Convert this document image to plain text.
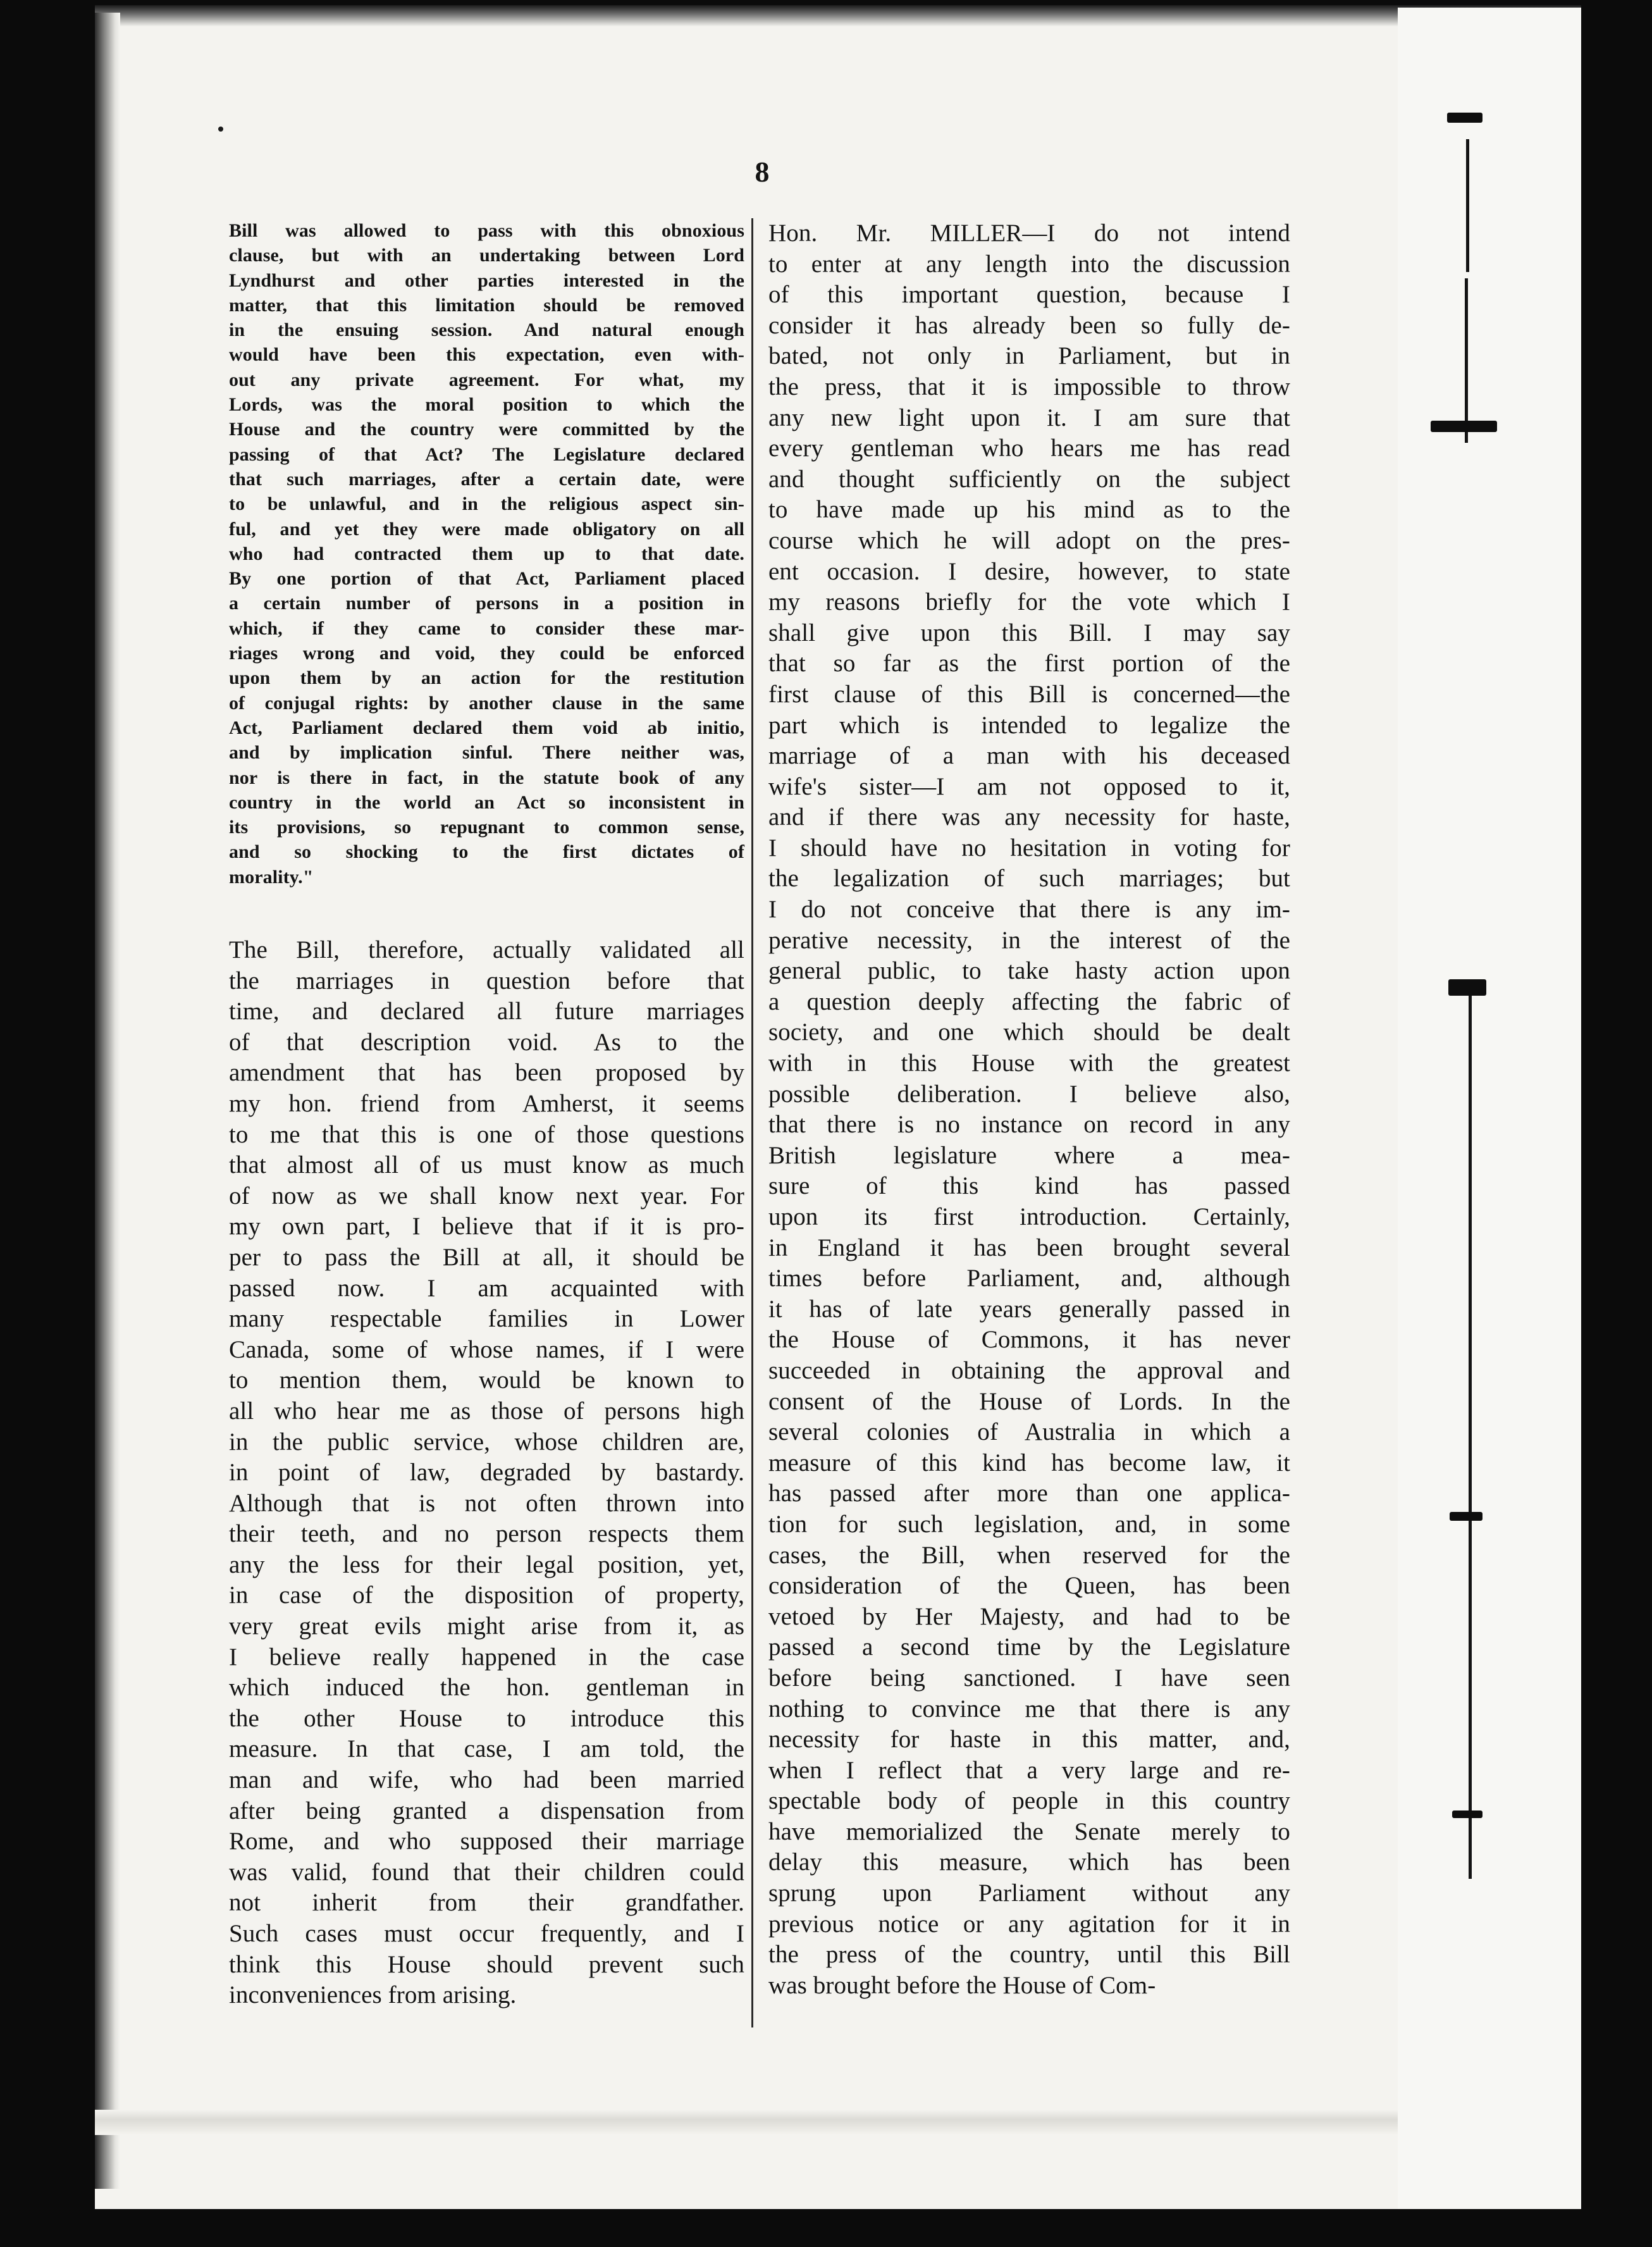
8
Bill was allowed to pass with this obnoxious
clause, but with an undertaking between Lord
Lyndhurst and other parties interested in the
matter, that this limitation should be removed
in the ensuing session. And natural enough
would have been this expectation, even with-
out any private agreement. For what, my
Lords, was the moral position to which the
House and the country were committed by the
passing of that Act? The Legislature declared
that such marriages, after a certain date, were
to be unlawful, and in the religious aspect sin-
ful, and yet they were made obligatory on all
who had contracted them up to that date.
By one portion of that Act, Parliament placed
a certain number of persons in a position in
which, if they came to consider these mar-
riages wrong and void, they could be enforced
upon them by an action for the restitution
of conjugal rights: by another clause in the same
Act, Parliament declared them void ab initio,
and by implication sinful. There neither was,
nor is there in fact, in the statute book of any
country in the world an Act so inconsistent in
its provisions, so repugnant to common sense,
and so shocking to the first dictates of
morality."
The Bill, therefore, actually validated all
the marriages in question before that
time, and declared all future marriages
of that description void. As to the
amendment that has been proposed by
my hon. friend from Amherst, it seems
to me that this is one of those questions
that almost all of us must know as much
of now as we shall know next year. For
my own part, I believe that if it is pro-
per to pass the Bill at all, it should be
passed now. I am acquainted with
many respectable families in Lower
Canada, some of whose names, if I were
to mention them, would be known to
all who hear me as those of persons high
in the public service, whose children are,
in point of law, degraded by bastardy.
Although that is not often thrown into
their teeth, and no person respects them
any the less for their legal position, yet,
in case of the disposition of property,
very great evils might arise from it, as
I believe really happened in the case
which induced the hon. gentleman in
the other House to introduce this
measure. In that case, I am told, the
man and wife, who had been married
after being granted a dispensation from
Rome, and who supposed their marriage
was valid, found that their children could
not inherit from their grandfather.
Such cases must occur frequently, and I
think this House should prevent such
inconveniences from arising.
Hon. Mr. MILLER—I do not intend
to enter at any length into the discussion
of this important question, because I
consider it has already been so fully de-
bated, not only in Parliament, but in
the press, that it is impossible to throw
any new light upon it. I am sure that
every gentleman who hears me has read
and thought sufficiently on the subject
to have made up his mind as to the
course which he will adopt on the pres-
ent occasion. I desire, however, to state
my reasons briefly for the vote which I
shall give upon this Bill. I may say
that so far as the first portion of the
first clause of this Bill is concerned—the
part which is intended to legalize the
marriage of a man with his deceased
wife's sister—I am not opposed to it,
and if there was any necessity for haste,
I should have no hesitation in voting for
the legalization of such marriages; but
I do not conceive that there is any im-
perative necessity, in the interest of the
general public, to take hasty action upon
a question deeply affecting the fabric of
society, and one which should be dealt
with in this House with the greatest
possible deliberation. I believe also,
that there is no instance on record in any
British legislature where a mea-
sure of this kind has passed
upon its first introduction. Certainly,
in England it has been brought several
times before Parliament, and, although
it has of late years generally passed in
the House of Commons, it has never
succeeded in obtaining the approval and
consent of the House of Lords. In the
several colonies of Australia in which a
measure of this kind has become law, it
has passed after more than one applica-
tion for such legislation, and, in some
cases, the Bill, when reserved for the
consideration of the Queen, has been
vetoed by Her Majesty, and had to be
passed a second time by the Legislature
before being sanctioned. I have seen
nothing to convince me that there is any
necessity for haste in this matter, and,
when I reflect that a very large and re-
spectable body of people in this country
have memorialized the Senate merely to
delay this measure, which has been
sprung upon Parliament without any
previous notice or any agitation for it in
the press of the country, until this Bill
was brought before the House of Com-
